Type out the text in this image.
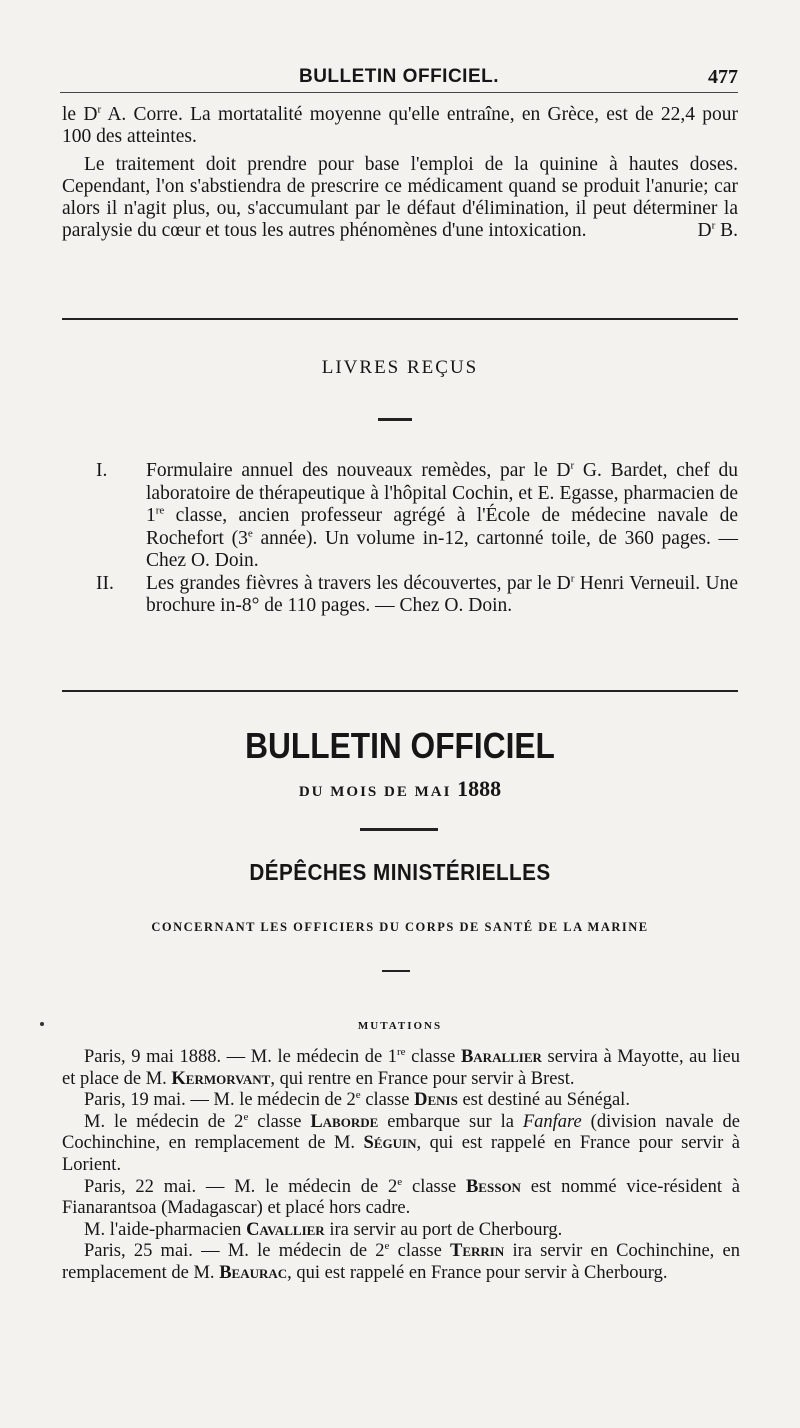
BULLETIN OFFICIEL.	477
le $D^r$ A. Corre. La mortatalité moyenne qu'elle entraîne, en Grèce, est de 22,4 pour 100 des atteintes.
Le traitement doit prendre pour base l'emploi de la quinine à hautes doses. Cependant, l'on s'abstiendra de prescrire ce médicament quand se produit l'anurie; car alors il n'agit plus, ou, s'accumulant par le défaut d'élimination, il peut déterminer la paralysie du cœur et tous les autres phénomènes d'une intoxication.	$D^r$ B.
LIVRES REÇUS
I. Formulaire annuel des nouveaux remèdes, par le $D^r$ G. Bardet, chef du laboratoire de thérapeutique à l'hôpital Cochin, et E. Egasse, pharmacien de 1re classe, ancien professeur agrégé à l'École de médecine navale de Rochefort (3e année). Un volume in-12, cartonné toile, de 360 pages. — Chez O. Doin.
II. Les grandes fièvres à travers les découvertes, par le $D^r$ Henri Verneuil. Une brochure in-8° de 110 pages. — Chez O. Doin.
BULLETIN OFFICIEL
DU MOIS DE MAI 1888
DÉPÊCHES MINISTÉRIELLES
CONCERNANT LES OFFICIERS DU CORPS DE SANTÉ DE LA MARINE
MUTATIONS

Paris, 9 mai 1888. — M. le médecin de 1re classe Barallier servira à Mayotte, au lieu et place de M. Kermorvant, qui rentre en France pour servir à Brest.

Paris, 19 mai. — M. le médecin de 2e classe Denis est destiné au Sénégal.

M. le médecin de 2e classe Laborde embarque sur la Fanfare (division navale de Cochinchine, en remplacement de M. Séguin, qui est rappelé en France pour servir à Lorient.

Paris, 22 mai. — M. le médecin de 2e classe Besson est nommé vice-résident à Fianarantsoa (Madagascar) et placé hors cadre.

M. l'aide-pharmacien Cavallier ira servir au port de Cherbourg.

Paris, 25 mai. — M. le médecin de 2e classe Terrin ira servir en Cochinchine, en remplacement de M. Beaurac, qui est rappelé en France pour servir à Cherbourg.
